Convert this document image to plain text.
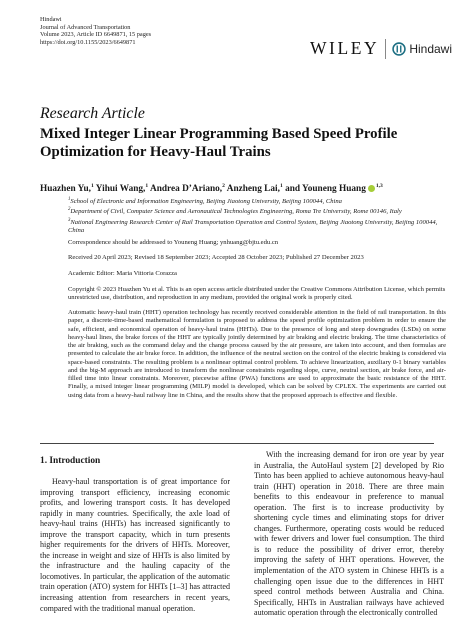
Hindawi
Journal of Advanced Transportation
Volume 2023, Article ID 6649871, 15 pages
https://doi.org/10.1155/2023/6649871	WILEY	Hindawi
Research Article
Mixed Integer Linear Programming Based Speed Profile Optimization for Heavy-Haul Trains
Huazhen Yu,$^1$ Yihui Wang,$^1$ Andrea D’Ariano,$^2$ Anzheng Lai,$^1$ and Youneng Huang $^{1,3}$
$^1$School of Electronic and Information Engineering, Beijing Jiaotong University, Beijing 100044, China
$^2$Department of Civil, Computer Science and Aeronautical Technologies Engineering, Roma Tre University, Rome 00146, Italy
$^3$National Engineering Research Center of Rail Transportation Operation and Control System, Beijing Jiaotong University, Beijing 100044, China
Correspondence should be addressed to Youneng Huang; ynhuang@bjtu.edu.cn
Received 20 April 2023; Revised 18 September 2023; Accepted 28 October 2023; Published 27 December 2023
Academic Editor: Maria Vittoria Corazza
Copyright © 2023 Huazhen Yu et al. This is an open access article distributed under the Creative Commons Attribution License, which permits unrestricted use, distribution, and reproduction in any medium, provided the original work is properly cited.
Automatic heavy-haul train (HHT) operation technology has recently received considerable attention in the field of rail transportation. In this paper, a discrete-time-based mathematical formulation is proposed to address the speed profile optimization problem in order to ensure the safe, efficient, and economical operation of heavy-haul trains (HHTs). Due to the presence of long and steep downgrades (LSDs) on some heavy-haul lines, the brake forces of the HHT are typically jointly determined by air braking and electric braking. The time characteristics of the air braking, such as the command delay and the change process caused by the air pressure, are taken into account, and then formulas are presented to calculate the air brake force. In addition, the influence of the neutral section on the control of the electric braking is considered via space-based constraints. The resulting problem is a nonlinear optimal control problem. To achieve linearization, auxiliary 0-1 binary variables and the big-M approach are introduced to transform the nonlinear constraints regarding slope, curve, neutral section, air brake force, and air-filled time into linear constraints. Moreover, piecewise affine (PWA) functions are used to approximate the basic resistance of the HHT. Finally, a mixed integer linear programming (MILP) model is developed, which can be solved by CPLEX. The experiments are carried out using data from a heavy-haul railway line in China, and the results show that the proposed approach is effective and flexible.
1. Introduction

Heavy-haul transportation is of great importance for improving transport efficiency, increasing economic profits, and lowering transport costs. It has developed rapidly in many countries. Specifically, the axle load of heavy-haul trains (HHTs) has increased significantly to improve the transport capacity, which in turn presents higher requirements for the drivers of HHTs. Moreover, the increase in weight and size of HHTs is also limited by the infrastructure and the hauling capacity of the locomotives. In particular, the application of the automatic train operation (ATO) system for HHTs [1–3] has attracted increasing attention from researchers in recent years, compared with the traditional manual operation.

With the increasing demand for iron ore year by year in Australia, the AutoHaul system [2] developed by Rio Tinto has been applied to achieve autonomous heavy-haul train (HHT) operation in 2018. There are three main benefits to this endeavour in preference to manual operation. The first is to increase productivity by shortening cycle times and eliminating stops for driver changes. Furthermore, operating costs would be reduced with fewer drivers and lower fuel consumption. The third is to reduce the possibility of driver error, thereby improving the safety of HHT operations. However, the implementation of the ATO system in Chinese HHTs is a challenging open issue due to the differences in HHT speed control methods between Australia and China. Specifically, HHTs in Australian railways have achieved automatic operation through the electronically controlled
